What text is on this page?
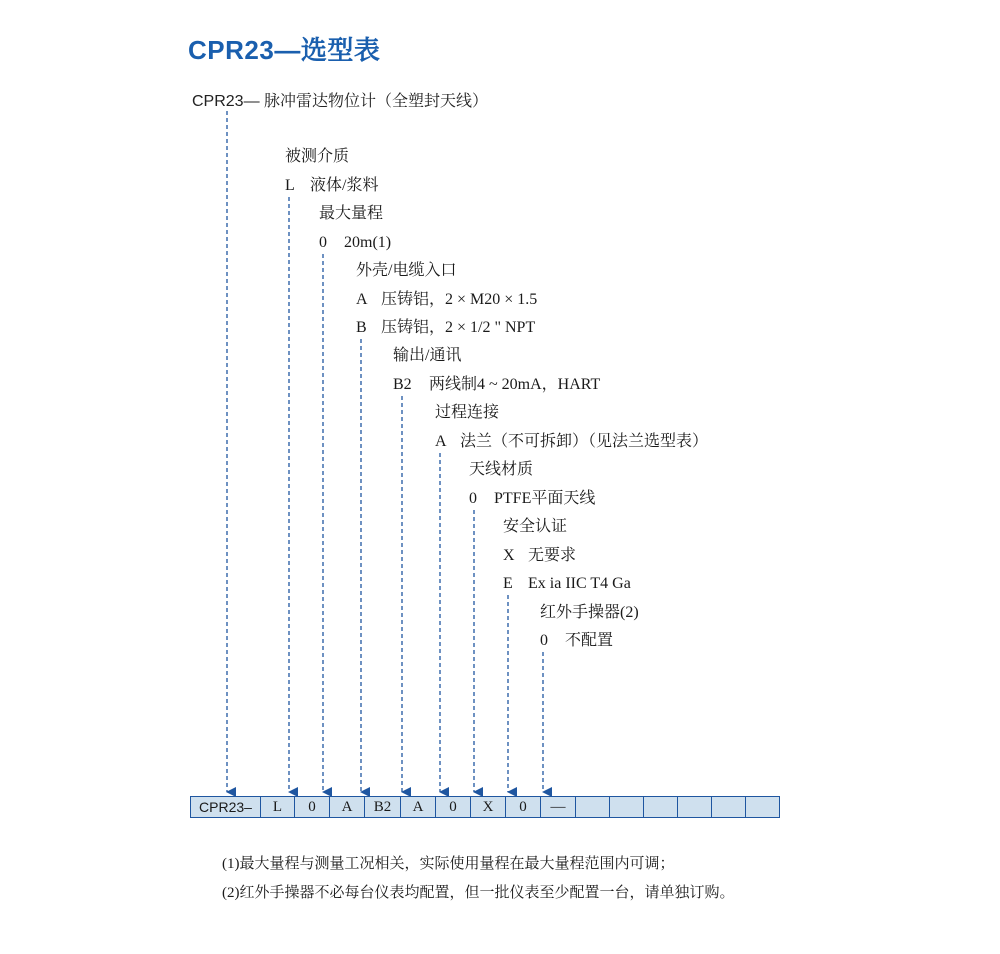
CPR23—选型表
CPR23— 脉冲雷达物位计（全塑封天线）
被测介质
L 液体/浆料
最大量程
0 20m(1)
外壳/电缆入口
A 压铸铝，2 × M20 × 1.5
B 压铸铝，2 × 1/2 " NPT
输出/通讯
B2 两线制4 ~ 20mA，HART
过程连接
A 法兰（不可拆卸）（见法兰选型表）
天线材质
0 PTFE平面天线
安全认证
X 无要求
E Ex ia IIC T4 Ga
红外手操器(2)
0 不配置
CPR23–	L	0	A	B2	A	0	X	0	—
(1)最大量程与测量工况相关，实际使用量程在最大量程范围内可调；
(2)红外手操器不必每台仪表均配置，但一批仪表至少配置一台，请单独订购。
